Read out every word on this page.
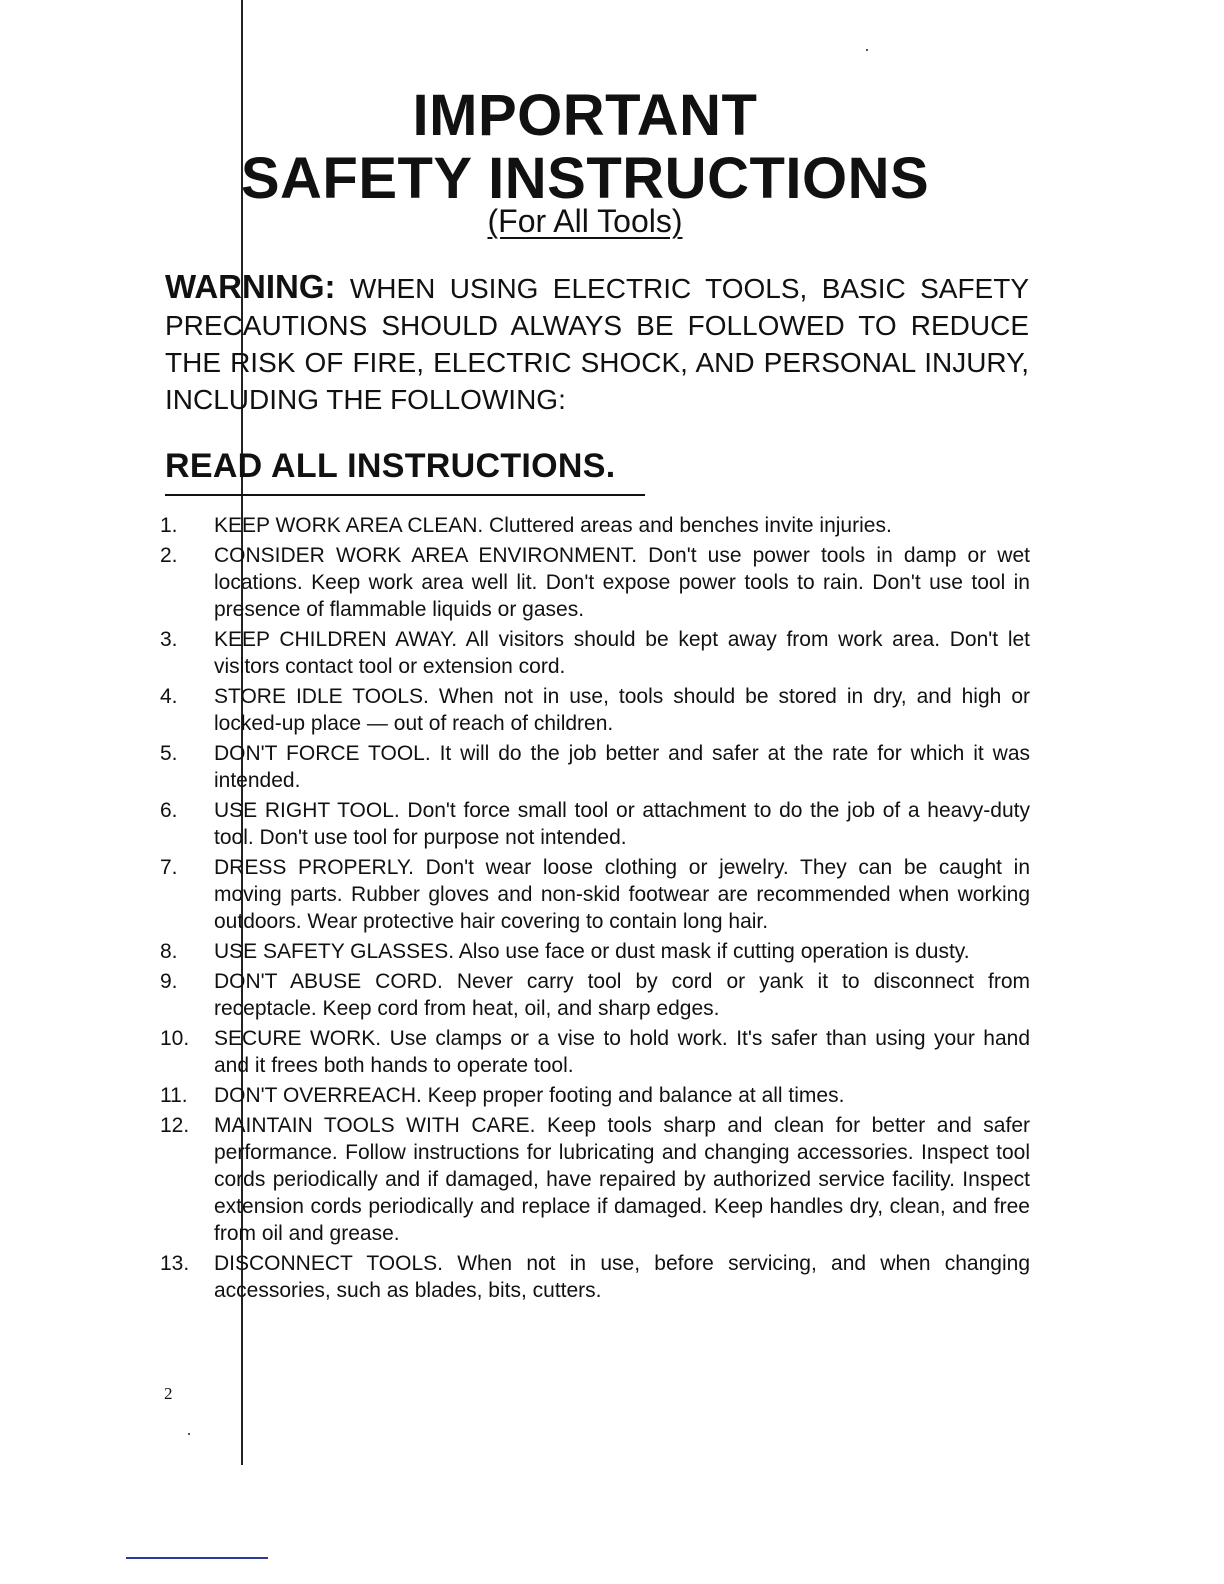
IMPORTANT
SAFETY INSTRUCTIONS
(For All Tools)
WARNING: WHEN USING ELECTRIC TOOLS, BASIC SAFETY PRECAUTIONS SHOULD ALWAYS BE FOLLOWED TO REDUCE THE RISK OF FIRE, ELECTRIC SHOCK, AND PERSONAL INJURY, INCLUDING THE FOLLOWING:
READ ALL INSTRUCTIONS.
1.	KEEP WORK AREA CLEAN. Cluttered areas and benches invite injuries.
2.	CONSIDER WORK AREA ENVIRONMENT. Don't use power tools in damp or wet locations. Keep work area well lit. Don't expose power tools to rain. Don't use tool in presence of flammable liquids or gases.
3.	KEEP CHILDREN AWAY. All visitors should be kept away from work area. Don't let visitors contact tool or extension cord.
4.	STORE IDLE TOOLS. When not in use, tools should be stored in dry, and high or locked-up place — out of reach of children.
5.	DON'T FORCE TOOL. It will do the job better and safer at the rate for which it was intended.
6.	USE RIGHT TOOL. Don't force small tool or attachment to do the job of a heavy-duty tool. Don't use tool for purpose not intended.
7.	DRESS PROPERLY. Don't wear loose clothing or jewelry. They can be caught in moving parts. Rubber gloves and non-skid footwear are recommended when working outdoors. Wear protective hair covering to contain long hair.
8.	USE SAFETY GLASSES. Also use face or dust mask if cutting operation is dusty.
9.	DON'T ABUSE CORD. Never carry tool by cord or yank it to disconnect from receptacle. Keep cord from heat, oil, and sharp edges.
10.	SECURE WORK. Use clamps or a vise to hold work. It's safer than using your hand and it frees both hands to operate tool.
11.	DON'T OVERREACH. Keep proper footing and balance at all times.
12.	MAINTAIN TOOLS WITH CARE. Keep tools sharp and clean for better and safer performance. Follow instructions for lubricating and changing accessories. Inspect tool cords periodically and if damaged, have repaired by authorized service facility. Inspect extension cords periodically and replace if damaged. Keep handles dry, clean, and free from oil and grease.
13.	DISCONNECT TOOLS. When not in use, before servicing, and when changing accessories, such as blades, bits, cutters.
2
